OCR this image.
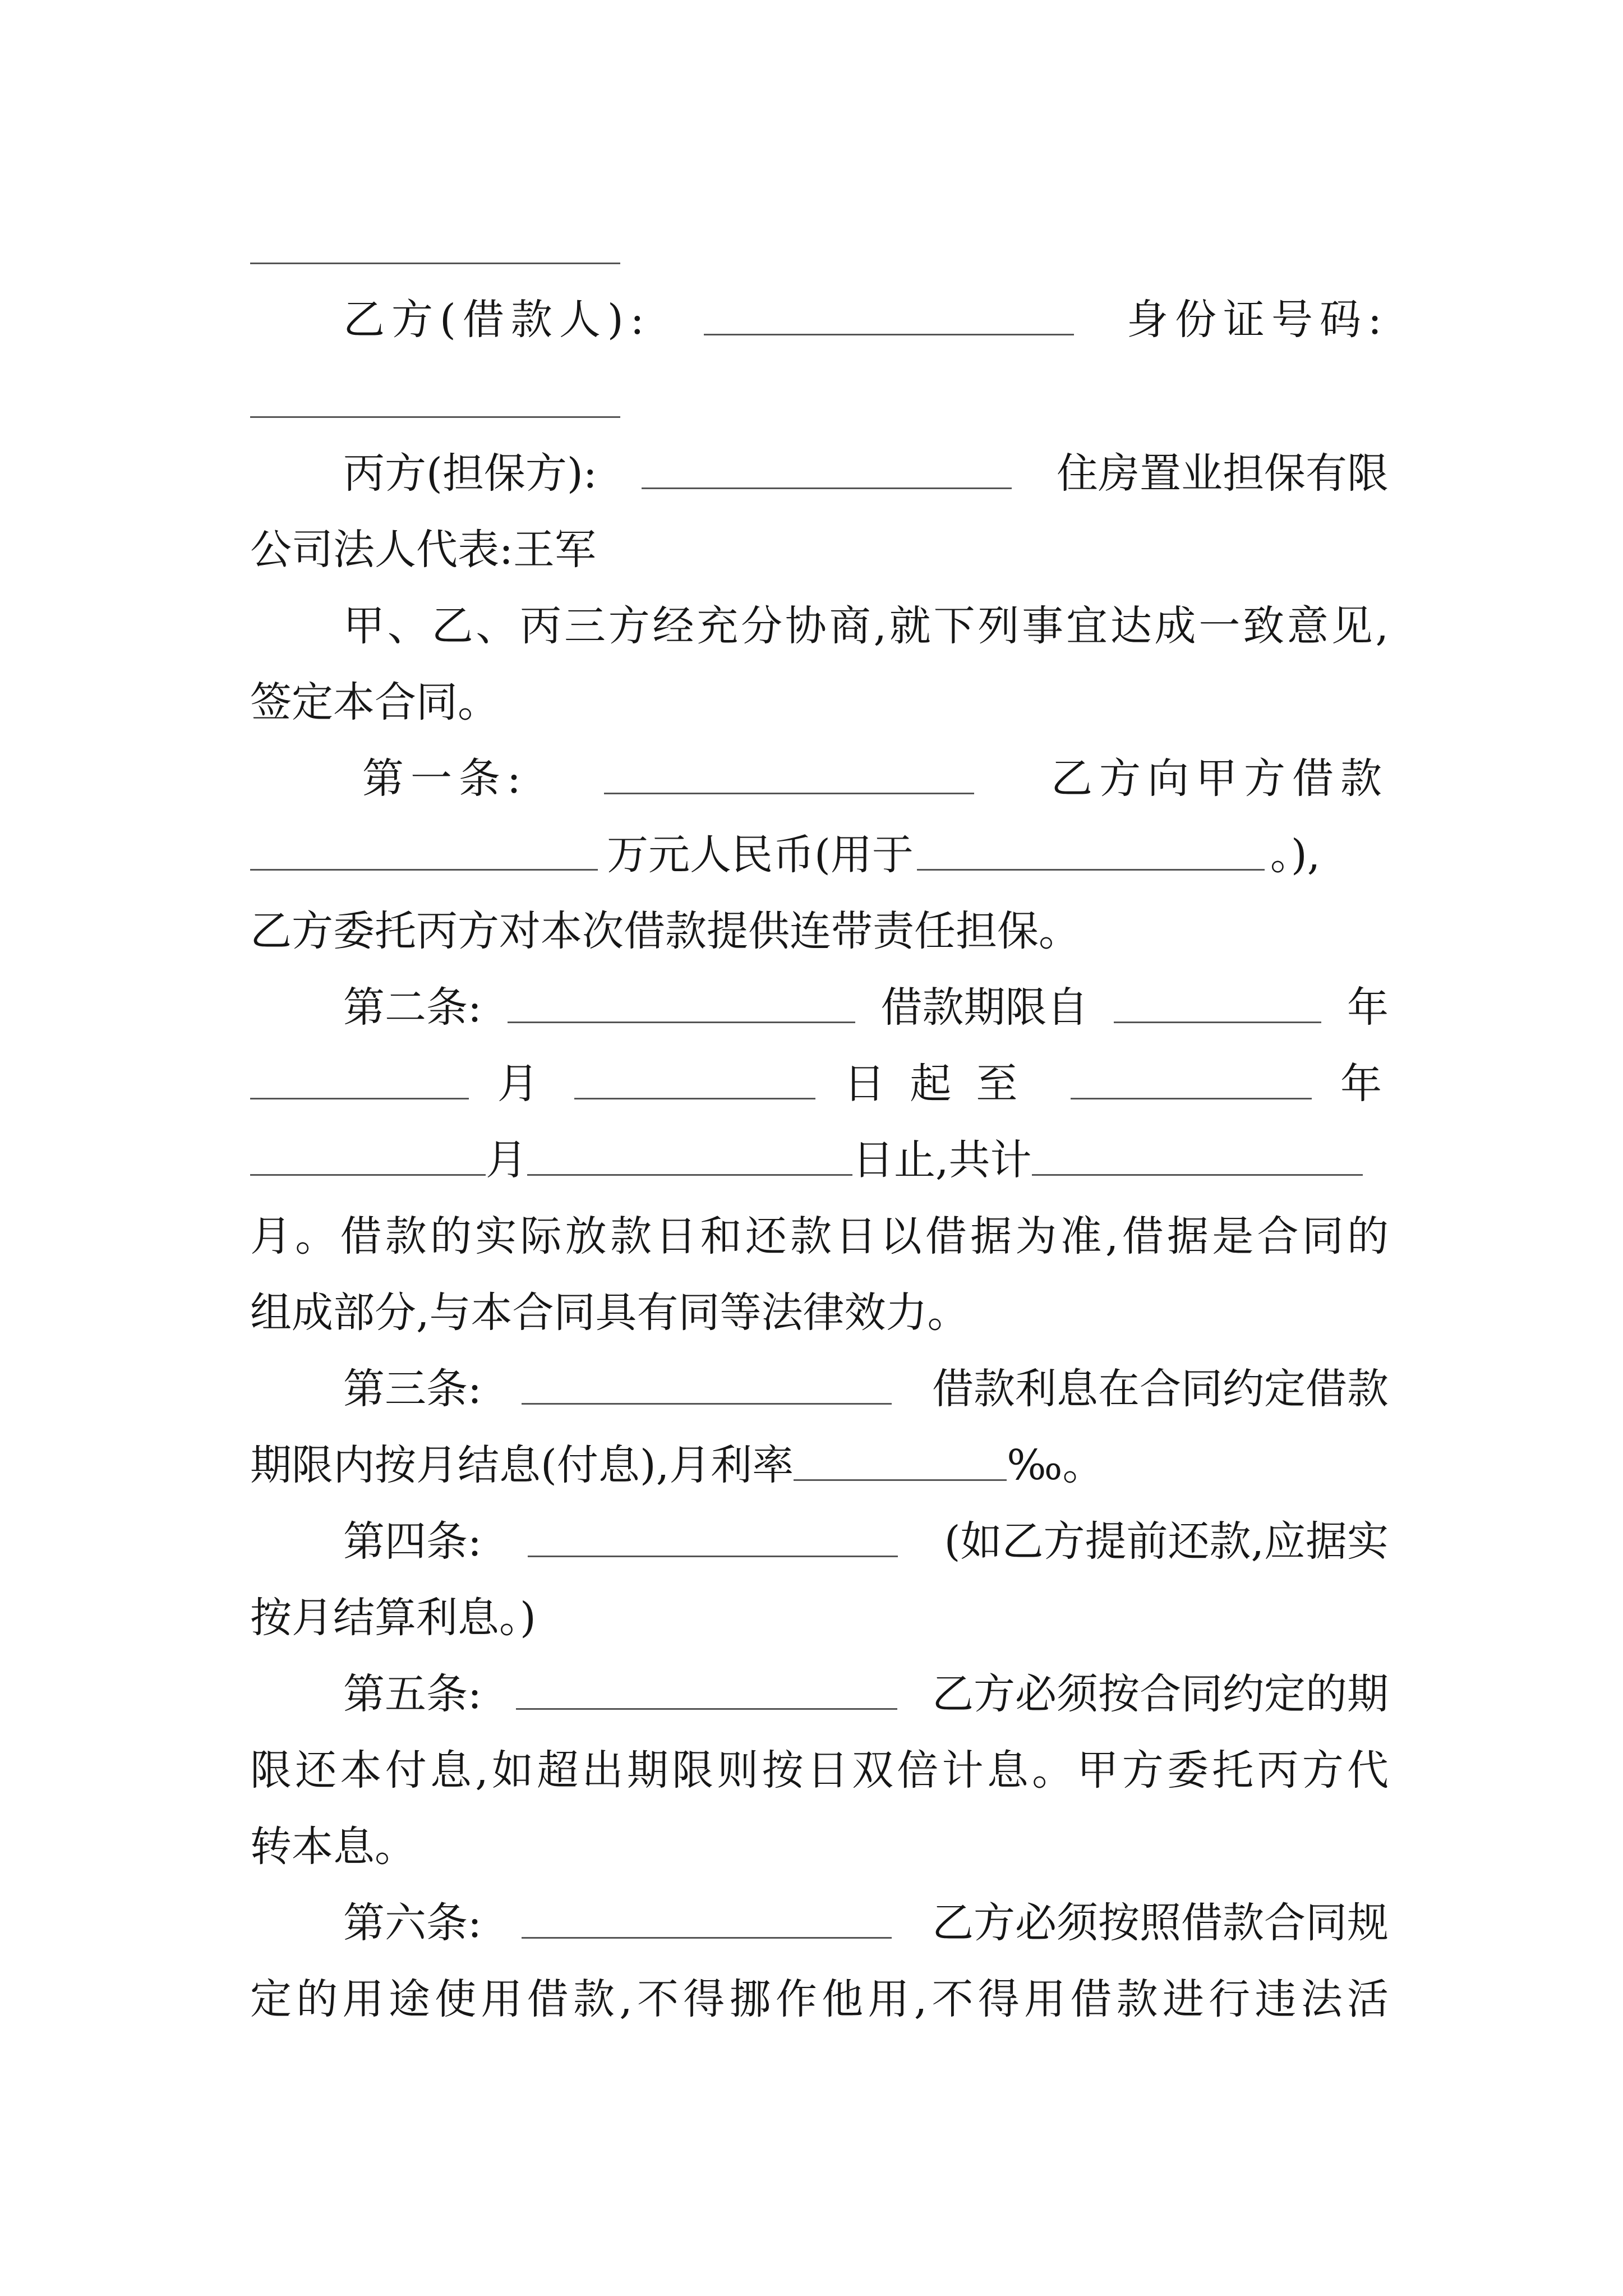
乙方(借款人):	身份证号码:
丙方(担保方):	住房置业担保有限
公司法人代表:王军
甲、乙、丙三方经充分协商,就下列事宜达成一致意见,
签定本合同。
第一条:	乙方向甲方借款
万元人民币(用于	。),
乙方委托丙方对本次借款提供连带责任担保。
第二条:	借款期限自	年
月	日起至	年
月	日止,共计
月。借款的实际放款日和还款日以借据为准,借据是合同的
组成部分,与本合同具有同等法律效力。
第三条:	借款利息在合同约定借款
期限内按月结息(付息),月利率	‰。
第四条:	(如乙方提前还款,应据实
按月结算利息。)
第五条:	乙方必须按合同约定的期
限还本付息,如超出期限则按日双倍计息。甲方委托丙方代
转本息。
第六条:	乙方必须按照借款合同规
定的用途使用借款,不得挪作他用,不得用借款进行违法活
